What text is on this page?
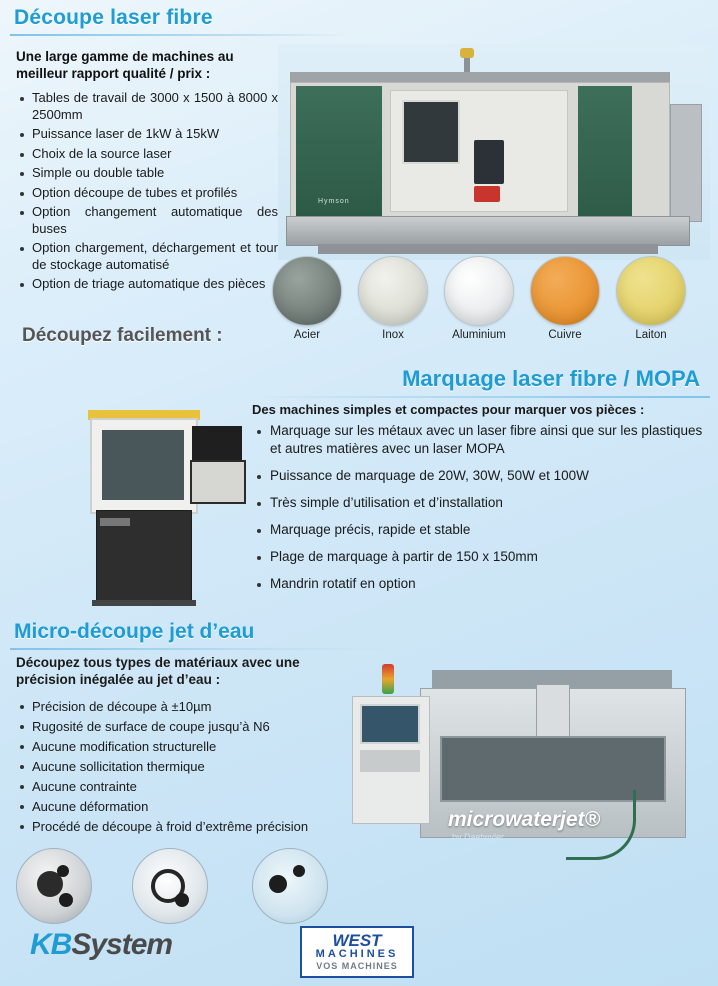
Découpe laser fibre
Une large gamme de machines au meilleur rapport qualité / prix :
Tables de travail de 3000 x 1500 à 8000 x 2500mm
Puissance laser de 1kW à 15kW
Choix de la source laser
Simple ou double table
Option découpe de tubes et profilés
Option changement automatique des buses
Option chargement, déchargement et tour de stockage automatisé
Option de triage automatique des pièces
Hymson
Découpez facilement :	Acier	Inox	Aluminium	Cuivre	Laiton
Marquage laser fibre / MOPA
Des machines simples et compactes pour marquer vos pièces :
Marquage sur les métaux avec un laser fibre ainsi que sur les plastiques et autres matières avec un laser MOPA
Puissance de marquage de 20W, 30W, 50W et 100W
Très simple d’utilisation et d’installation
Marquage précis, rapide et stable
Plage de marquage à partir de 150 x 150mm
Mandrin rotatif en option
Micro-découpe jet d’eau
Découpez tous types de matériaux avec une précision inégalée au jet d’eau :
Précision de découpe à ±10µm
Rugosité de surface de coupe jusqu’à N6
Aucune modification structurelle
Aucune sollicitation thermique
Aucune contrainte
Aucune déformation
Procédé de découpe à froid d’extrême précision	microwaterjet®
by Daetwyler
KBSystem	WEST
MACHINES
VOS MACHINES
